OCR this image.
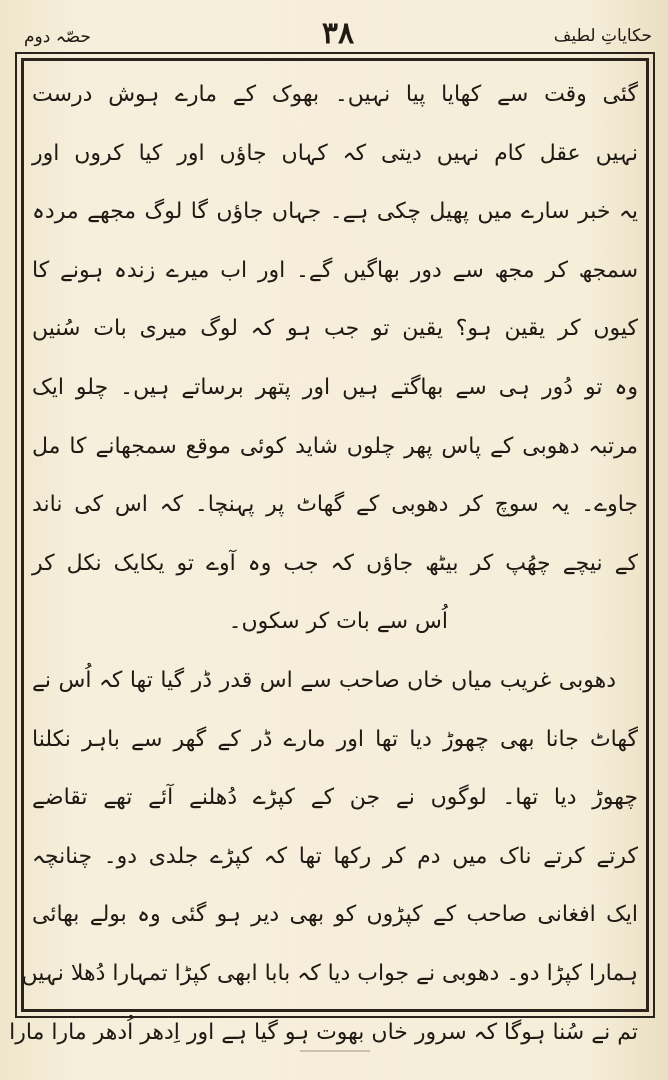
حکایاتِ لطیف
۳۸
حصّہ دوم
گئی وقت سے کھایا پیا نہیں۔ بھوک کے مارے ہوش درست
نہیں عقل کام نہیں دیتی کہ کہاں جاؤں اور کیا کروں اور
یہ خبر سارے میں پھیل چکی ہے۔ جہاں جاؤں گا لوگ مجھے مردہ
سمجھ کر مجھ سے دور بھاگیں گے۔ اور اب میرے زندہ ہونے کا
کیوں کر یقین ہو؟ یقین تو جب ہو کہ لوگ میری بات سُنیں
وہ تو دُور ہی سے بھاگتے ہیں اور پتھر برساتے ہیں۔ چلو ایک
مرتبہ دھوبی کے پاس پھر چلوں شاید کوئی موقع سمجھانے کا مل
جاوے۔ یہ سوچ کر دھوبی کے گھاٹ پر پہنچا۔ کہ اس کی ناند
کے نیچے چھُپ کر بیٹھ جاؤں کہ جب وہ آوے تو یکایک نکل کر
اُس سے بات کر سکوں۔
دھوبی غریب میاں خاں صاحب سے اس قدر ڈر گیا تھا کہ اُس نے
گھاٹ جانا بھی چھوڑ دیا تھا اور مارے ڈر کے گھر سے باہر نکلنا
چھوڑ دیا تھا۔ لوگوں نے جن کے کپڑے دُھلنے آئے تھے تقاضے
کرتے کرتے ناک میں دم کر رکھا تھا کہ کپڑے جلدی دو۔ چنانچہ
ایک افغانی صاحب کے کپڑوں کو بھی دیر ہو گئی وہ بولے بھائی
ہمارا کپڑا دو۔ دھوبی نے جواب دیا کہ بابا ابھی کپڑا تمہارا دُھلا نہیں
تم نے سُنا ہوگا کہ سرور خاں بھوت ہو گیا ہے اور اِدھر اُدھر مارا مارا
